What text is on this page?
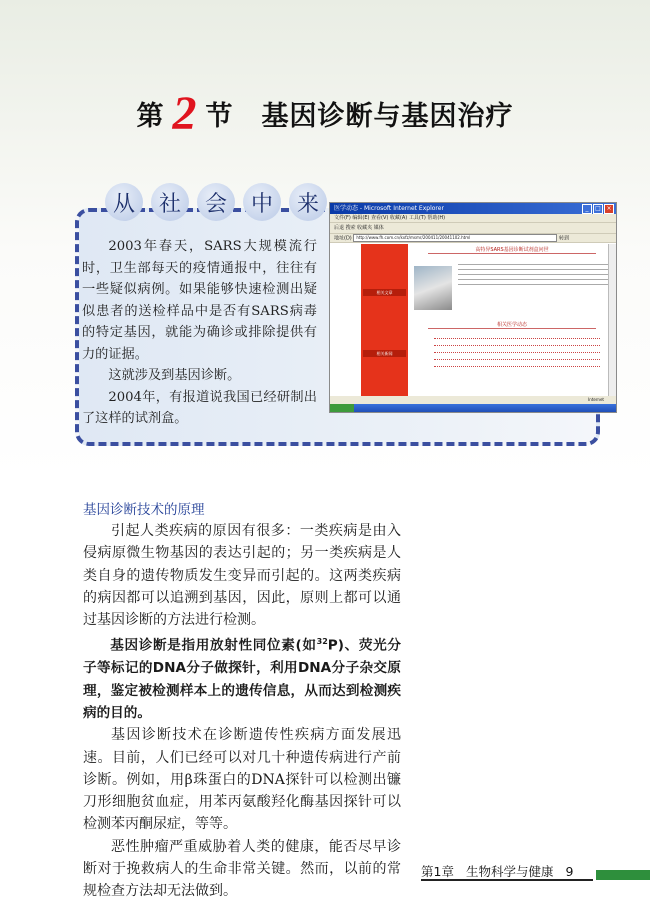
第 2 节 基因诊断与基因治疗
从	社	会	中	来

2003年春天，SARS大规模流行时，卫生部每天的疫情通报中，往往有一些疑似病例。如果能够快速检测出疑似患者的送检样品中是否有SARS病毒的特定基因，就能为确诊或排除提供有力的证据。

这就涉及到基因诊断。

2004年，有报道说我国已经研制出了这样的试剂盒。

医学动态 - Microsoft Internet Explorer	_	□ ×
文件(F) 编辑(E) 查看(V) 收藏(A) 工具(T) 帮助(H)
后退 搜索 收藏夹 媒体
地址(D) http://www.fh.com.cn/kxfz/msmr/200411/20041102.html	转到
相关文章
相关新闻
高特异SARS基因诊断试剂盒问世
相关医学动态
Internet
基因诊断技术的原理

引起人类疾病的原因有很多：一类疾病是由入侵病原微生物基因的表达引起的；另一类疾病是人类自身的遗传物质发生变异而引起的。这两类疾病的病因都可以追溯到基因，因此，原则上都可以通过基因诊断的方法进行检测。

基因诊断是指用放射性同位素(如$^{32}$P)、荧光分子等标记的DNA分子做探针，利用DNA分子杂交原理，鉴定被检测样本上的遗传信息，从而达到检测疾病的目的。

基因诊断技术在诊断遗传性疾病方面发展迅速。目前，人们已经可以对几十种遗传病进行产前诊断。例如，用β珠蛋白的DNA探针可以检测出镰刀形细胞贫血症，用苯丙氨酸羟化酶基因探针可以检测苯丙酮尿症，等等。

恶性肿瘤严重威胁着人类的健康，能否尽早诊断对于挽救病人的生命非常关键。然而，以前的常规检查方法却无法做到。

第1章 生物科学与健康 9
